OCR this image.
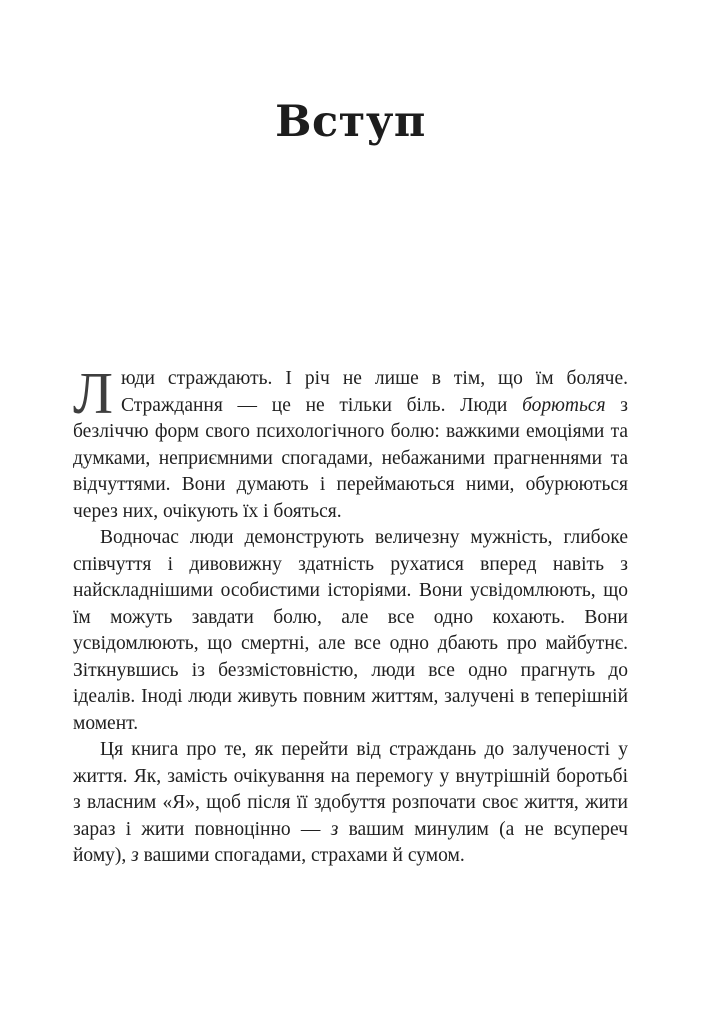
Вступ

Люди страждають. І річ не лише в тім, що їм боляче. Страждання — це не тільки біль. Люди борються з безліччю форм свого психологічного болю: важкими емоціями та думками, неприємними спогадами, небажаними прагненнями та відчуттями. Вони думають і переймаються ними, обурюються через них, очікують їх і бояться.

Водночас люди демонструють величезну мужність, глибоке співчуття і дивовижну здатність рухатися вперед навіть з найскладнішими особистими історіями. Вони усвідомлюють, що їм можуть завдати болю, але все одно кохають. Вони усвідомлюють, що смертні, але все одно дбають про майбутнє. Зіткнувшись із беззмістовністю, люди все одно прагнуть до ідеалів. Іноді люди живуть повним життям, залучені в теперішній момент.

Ця книга про те, як перейти від страждань до залученості у життя. Як, замість очікування на перемогу у внутрішній боротьбі з власним «Я», щоб після її здобуття розпочати своє життя, жити зараз і жити повноцінно — з вашим минулим (а не всупереч йому), з вашими спогадами, страхами й сумом.
